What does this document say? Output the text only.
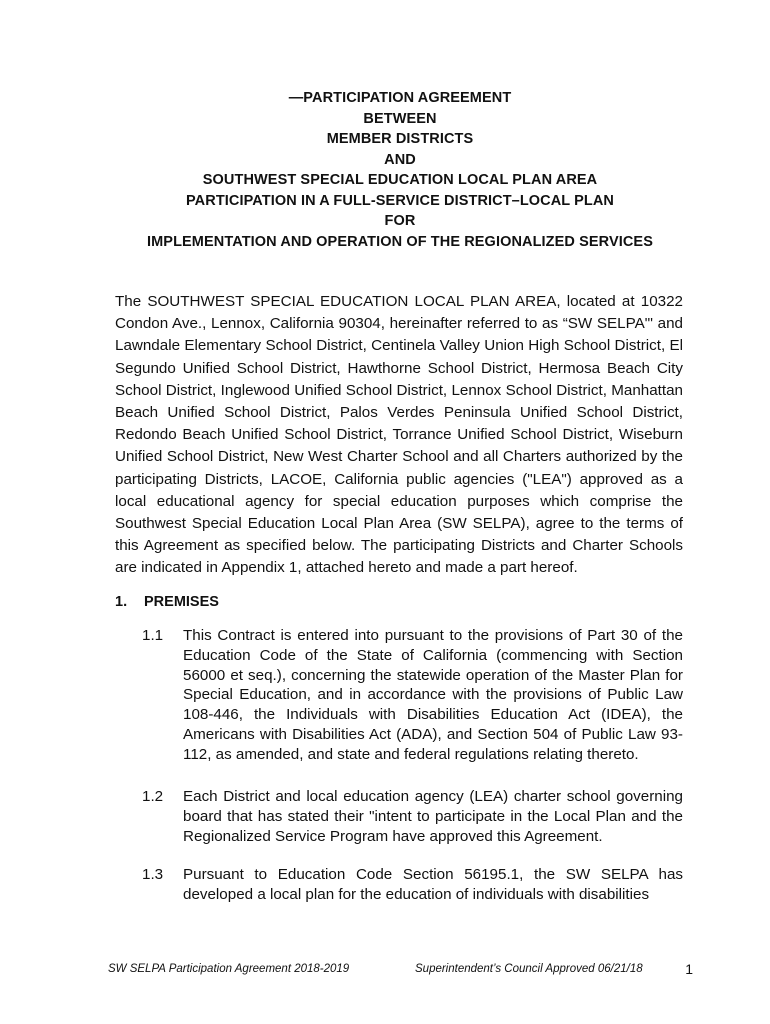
—PARTICIPATION AGREEMENT
BETWEEN
MEMBER DISTRICTS
AND
SOUTHWEST SPECIAL EDUCATION LOCAL PLAN AREA
PARTICIPATION IN A FULL-SERVICE DISTRICT–LOCAL PLAN
FOR
IMPLEMENTATION AND OPERATION OF THE REGIONALIZED SERVICES

The SOUTHWEST SPECIAL EDUCATION LOCAL PLAN AREA, located at 10322 Condon Ave., Lennox, California 90304, hereinafter referred to as “SW SELPA"' and Lawndale Elementary School District, Centinela Valley Union High School District, El Segundo Unified School District, Hawthorne School District, Hermosa Beach City School District, Inglewood Unified School District, Lennox School District, Manhattan Beach Unified School District, Palos Verdes Peninsula Unified School District, Redondo Beach Unified School District, Torrance Unified School District, Wiseburn Unified School District, New West Charter School and all Charters authorized by the participating Districts, LACOE, California public agencies ("LEA") approved as a local educational agency for special education purposes which comprise the Southwest Special Education Local Plan Area (SW SELPA), agree to the terms of this Agreement as specified below. The participating Districts and Charter Schools are indicated in Appendix 1, attached hereto and made a part hereof.

1. PREMISES
1.1	This Contract is entered into pursuant to the provisions of Part 30 of the Education Code of the State of California (commencing with Section 56000 et seq.), concerning the statewide operation of the Master Plan for Special Education, and in accordance with the provisions of Public Law 108-446, the Individuals with Disabilities Education Act (IDEA), the Americans with Disabilities Act (ADA), and Section 504 of Public Law 93-112, as amended, and state and federal regulations relating thereto.

1.2	Each District and local education agency (LEA) charter school governing board that has stated their "intent to participate in the Local Plan and the Regionalized Service Program have approved this Agreement.

1.3	Pursuant to Education Code Section 56195.1, the SW SELPA has developed a local plan for the education of individuals with disabilities

SW SELPA Participation Agreement 2018-2019	Superintendent’s Council Approved 06/21/18	1
